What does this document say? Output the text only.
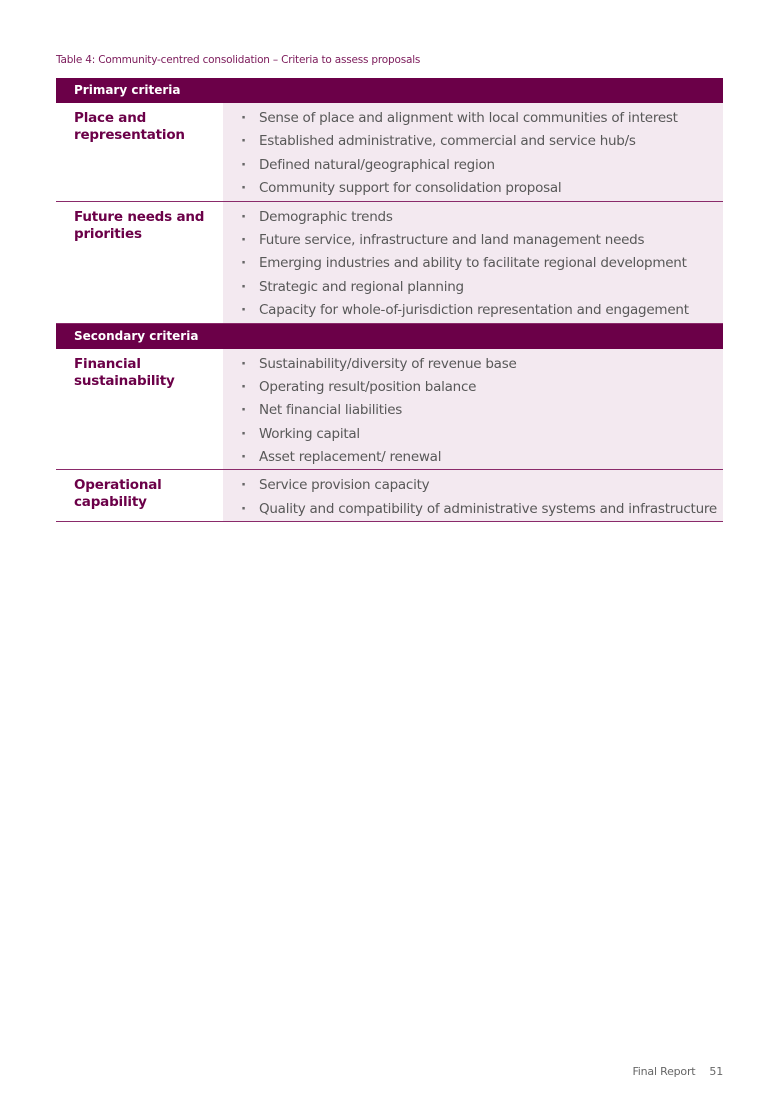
Table 4: Community-centred consolidation – Criteria to assess proposals
Primary criteria
Place and representation
· Sense of place and alignment with local communities of interest
· Established administrative, commercial and service hub/s
· Defined natural/geographical region
· Community support for consolidation proposal
Future needs and priorities
· Demographic trends
· Future service, infrastructure and land management needs
· Emerging industries and ability to facilitate regional development
· Strategic and regional planning
· Capacity for whole-of-jurisdiction representation and engagement
Secondary criteria
Financial sustainability
· Sustainability/diversity of revenue base
· Operating result/position balance
· Net financial liabilities
· Working capital
· Asset replacement/ renewal
Operational capability
· Service provision capacity
· Quality and compatibility of administrative systems and infrastructure
Final Report 51
